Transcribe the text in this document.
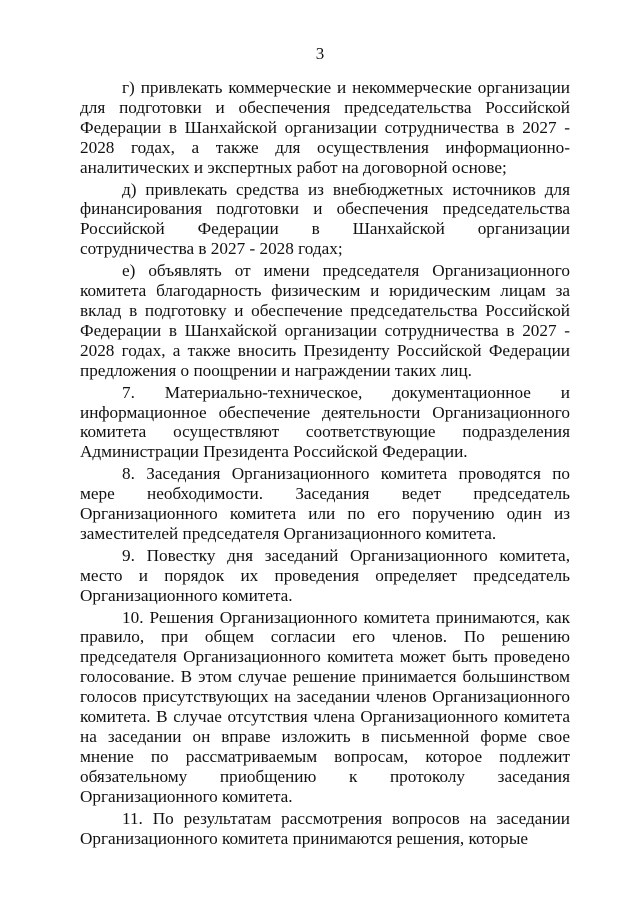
3

г) привлекать коммерческие и некоммерческие организации для подготовки и обеспечения председательства Российской Федерации в Шанхайской организации сотрудничества в 2027 - 2028 годах, а также для осуществления информационно-аналитических и экспертных работ на договорной основе;

д) привлекать средства из внебюджетных источников для финансирования подготовки и обеспечения председательства Российской Федерации в Шанхайской организации сотрудничества в 2027 - 2028 годах;

е) объявлять от имени председателя Организационного комитета благодарность физическим и юридическим лицам за вклад в подготовку и обеспечение председательства Российской Федерации в Шанхайской организации сотрудничества в 2027 - 2028 годах, а также вносить Президенту Российской Федерации предложения о поощрении и награждении таких лиц.

7. Материально-техническое, документационное и информационное обеспечение деятельности Организационного комитета осуществляют соответствующие подразделения Администрации Президента Российской Федерации.

8. Заседания Организационного комитета проводятся по мере необходимости. Заседания ведет председатель Организационного комитета или по его поручению один из заместителей председателя Организационного комитета.

9. Повестку дня заседаний Организационного комитета, место и порядок их проведения определяет председатель Организационного комитета.

10. Решения Организационного комитета принимаются, как правило, при общем согласии его членов. По решению председателя Организационного комитета может быть проведено голосование. В этом случае решение принимается большинством голосов присутствующих на заседании членов Организационного комитета. В случае отсутствия члена Организационного комитета на заседании он вправе изложить в письменной форме свое мнение по рассматриваемым вопросам, которое подлежит обязательному приобщению к протоколу заседания Организационного комитета.

11. По результатам рассмотрения вопросов на заседании Организационного комитета принимаются решения, которые
